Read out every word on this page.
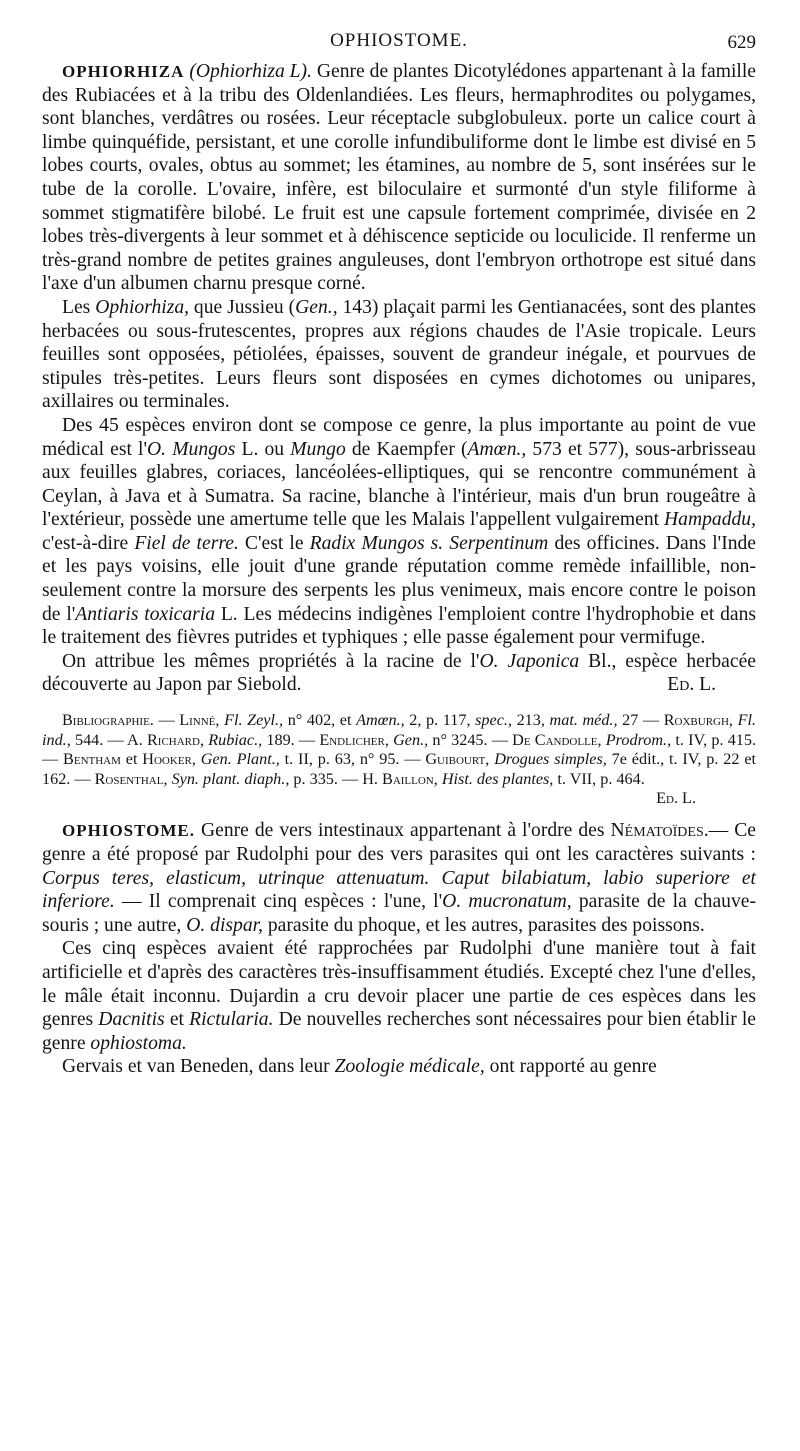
OPHIOSTOME.	629

OPHIORHIZA (Ophiorhiza L). Genre de plantes Dicotylédones appartenant à la famille des Rubiacées et à la tribu des Oldenlandiées. Les fleurs, hermaphrodites ou polygames, sont blanches, verdâtres ou rosées. Leur réceptacle subglobuleux. porte un calice court à limbe quinquéfide, persistant, et une corolle infundibuliforme dont le limbe est divisé en 5 lobes courts, ovales, obtus au sommet; les étamines, au nombre de 5, sont insérées sur le tube de la corolle. L'ovaire, infère, est biloculaire et surmonté d'un style filiforme à sommet stigmatifère bilobé. Le fruit est une capsule fortement comprimée, divisée en 2 lobes très-divergents à leur sommet et à déhiscence septicide ou loculicide. Il renferme un très-grand nombre de petites graines anguleuses, dont l'embryon orthotrope est situé dans l'axe d'un albumen charnu presque corné.

Les Ophiorhiza, que Jussieu (Gen., 143) plaçait parmi les Gentianacées, sont des plantes herbacées ou sous-frutescentes, propres aux régions chaudes de l'Asie tropicale. Leurs feuilles sont opposées, pétiolées, épaisses, souvent de grandeur inégale, et pourvues de stipules très-petites. Leurs fleurs sont disposées en cymes dichotomes ou unipares, axillaires ou terminales.

Des 45 espèces environ dont se compose ce genre, la plus importante au point de vue médical est l'O. Mungos L. ou Mungo de Kaempfer (Amœn., 573 et 577), sous-arbrisseau aux feuilles glabres, coriaces, lancéolées-elliptiques, qui se rencontre communément à Ceylan, à Java et à Sumatra. Sa racine, blanche à l'intérieur, mais d'un brun rougeâtre à l'extérieur, possède une amertume telle que les Malais l'appellent vulgairement Hampaddu, c'est-à-dire Fiel de terre. C'est le Radix Mungos s. Serpentinum des officines. Dans l'Inde et les pays voisins, elle jouit d'une grande réputation comme remède infaillible, non-seulement contre la morsure des serpents les plus venimeux, mais encore contre le poison de l'Antiaris toxicaria L. Les médecins indigènes l'emploient contre l'hydrophobie et dans le traitement des fièvres putrides et typhiques ; elle passe également pour vermifuge.

On attribue les mêmes propriétés à la racine de l'O. Japonica Bl., espèce herbacée découverte au Japon par Siebold.	Ed. L.

Bibliographie. — Linné, Fl. Zeyl., n° 402, et Amœn., 2, p. 117, spec., 213, mat. méd., 27 — Roxburgh, Fl. ind., 544. — A. Richard, Rubiac., 189. — Endlicher, Gen., n° 3245. — De Candolle, Prodrom., t. IV, p. 415. — Bentham et Hooker, Gen. Plant., t. II, p. 63, n° 95. — Guibourt, Drogues simples, 7e édit., t. IV, p. 22 et 162. — Rosenthal, Syn. plant. diaph., p. 335. — H. Baillon, Hist. des plantes, t. VII, p. 464.
Ed. L.

OPHIOSTOME. Genre de vers intestinaux appartenant à l'ordre des Nématoïdes.— Ce genre a été proposé par Rudolphi pour des vers parasites qui ont les caractères suivants : Corpus teres, elasticum, utrinque attenuatum. Caput bilabiatum, labio superiore et inferiore. — Il comprenait cinq espèces : l'une, l'O. mucronatum, parasite de la chauve-souris ; une autre, O. dispar, parasite du phoque, et les autres, parasites des poissons.

Ces cinq espèces avaient été rapprochées par Rudolphi d'une manière tout à fait artificielle et d'après des caractères très-insuffisamment étudiés. Excepté chez l'une d'elles, le mâle était inconnu. Dujardin a cru devoir placer une partie de ces espèces dans les genres Dacnitis et Rictularia. De nouvelles recherches sont nécessaires pour bien établir le genre ophiostoma.

Gervais et van Beneden, dans leur Zoologie médicale, ont rapporté au genre
